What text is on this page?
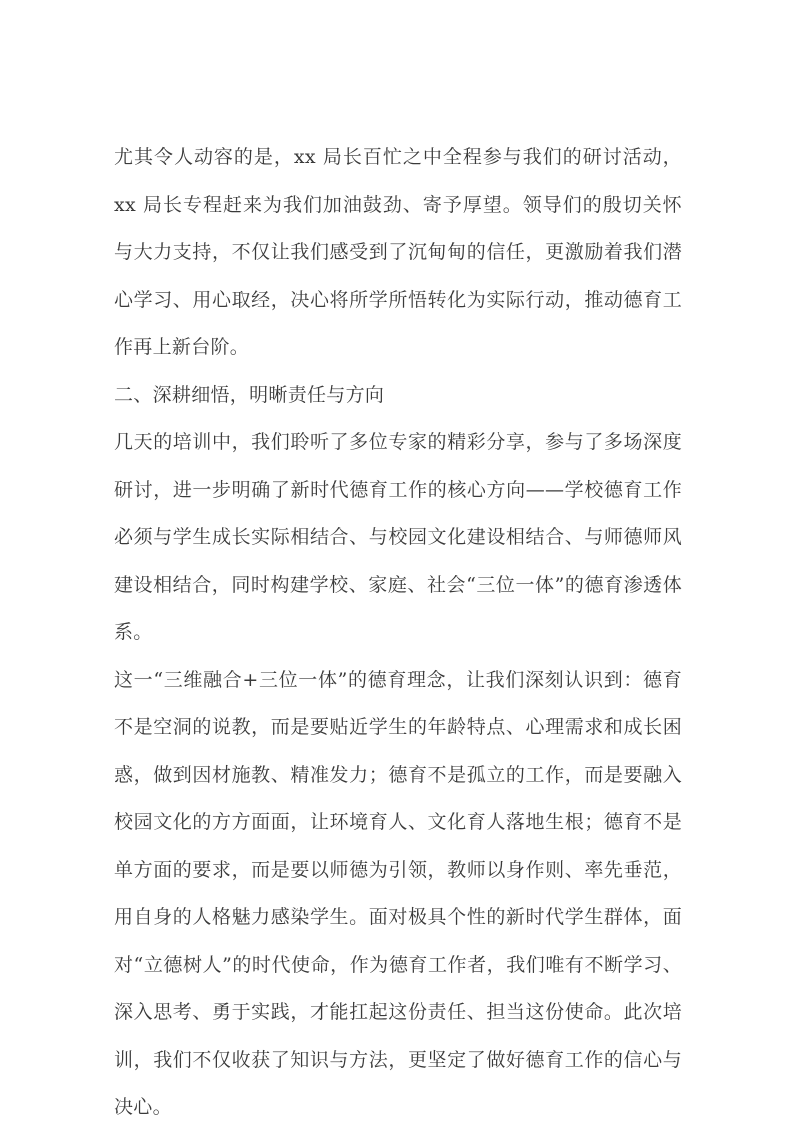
尤其令人动容的是，xx 局长百忙之中全程参与我们的研讨活动，xx 局长专程赶来为我们加油鼓劲、寄予厚望。领导们的殷切关怀与大力支持，不仅让我们感受到了沉甸甸的信任，更激励着我们潜心学习、用心取经，决心将所学所悟转化为实际行动，推动德育工作再上新台阶。

二、深耕细悟，明晰责任与方向

几天的培训中，我们聆听了多位专家的精彩分享，参与了多场深度研讨，进一步明确了新时代德育工作的核心方向——学校德育工作必须与学生成长实际相结合、与校园文化建设相结合、与师德师风建设相结合，同时构建学校、家庭、社会“三位一体”的德育渗透体系。

这一“三维融合+三位一体”的德育理念，让我们深刻认识到：德育不是空洞的说教，而是要贴近学生的年龄特点、心理需求和成长困惑，做到因材施教、精准发力；德育不是孤立的工作，而是要融入校园文化的方方面面，让环境育人、文化育人落地生根；德育不是单方面的要求，而是要以师德为引领，教师以身作则、率先垂范，用自身的人格魅力感染学生。面对极具个性的新时代学生群体，面对“立德树人”的时代使命，作为德育工作者，我们唯有不断学习、深入思考、勇于实践，才能扛起这份责任、担当这份使命。此次培训，我们不仅收获了知识与方法，更坚定了做好德育工作的信心与决心。
